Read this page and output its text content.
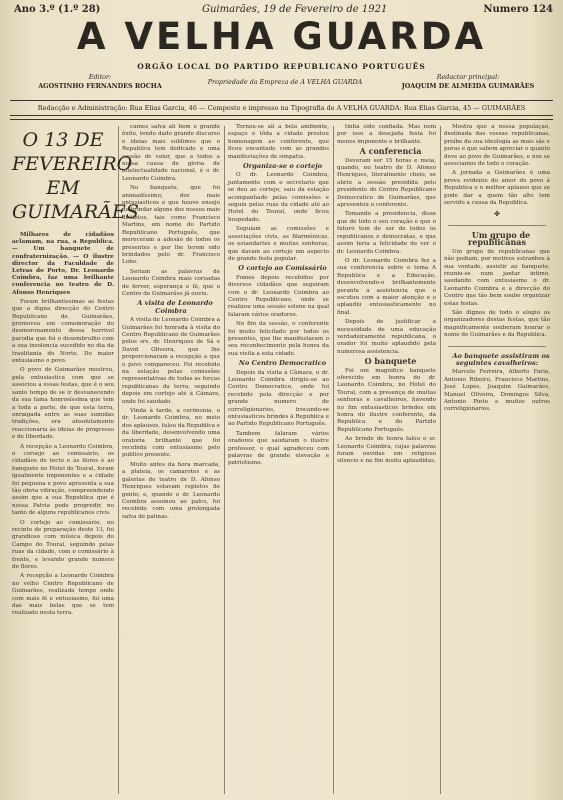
Ano 3.º (1.º 28)	Guimarães, 19 de Fevereiro de 1921	Numero 124
A VELHA GUARDA
ORGÃO LOCAL DO PARTIDO REPUBLICANO PORTUGUÊS
Editor:
AGOSTINHO FERNANDES ROCHA	Propriedade da Empreza de A VELHA GUARDA
Redactor principal:
JOAQUIM DE ALMEIDA GUIMARÃES
Redacção e Administração: Rua Elias Garcia, 46 — Composto e impresso na Tipografia de A VELHA GUARDA: Rua Elias Garcia, 45 — GUIMARÃES
O 13 DE FEVEREIRO
EM GUIMARÃES

Milhares de cidadãos aclamam, na rua, a Republica. — Um banquete de confraternização. — O ilustre director da Faculdade de Letras do Porto, Dr. Leonardo Coimbra, faz uma brilhante conferencia no teatro de D. Afonso Henriques

Foram brilhantissimas as festas que a digna direcção do Centro Republicano de Guimarães, promoveu em comemoração do desmoronamento dessa horrivel parodia que foi o desembrulho com a sua insolencia sucedido no dia da traulitania do Norte. Do maior entusiasmo o povo.

O povo de Guimarães mostrou, pela entusiastica com que se associou a essas festas, que é o seu santo tempo de se ir desvanecendo da sua fama honrosíssima que tem a toda a parte, de que esta terra, enraigada entre as suas sumidas tradições, era absolutamente reaccionaria às ideias de progresso e de liberdade.

A recepção a Leonardo Coimbra, o coroejo ao comissário, os cidadãos de tecto e às flores e ao banquete no Hotel do Toural, foram igualmente imponentes e a cidade foi pequena e povo apresenta a sua tão obvia vibração, compreendendo assim que a sua Republica que é nossa Patria pode progredir, no tanto de alguns republicanos civis.

O cortejo ao comissário, no recinto de preparação deste 13, foi grandioso com música depois do Campo do Toural, seguindo pelas ruas da cidade, com o comissário à frente, e levando grande numero de flores.

A recepção a Leonardo Coimbra no velho Centro Republicano de Guimarães, realizada tempo onde com mais fé e entusiasmo, foi uma das mais belas que se tem realizado nesta terra.

cumes salva ali bem e grande êxito, tendo dado grande discurso e ideias mais sublimes que o Republica tem dedicado e uma sessão de valor, que a todos a nossa causa de gloria de intelectualidade nacional, é o dr. Leonardo Coimbra.

No banquete, que foi animadíssimo, dos mais entusiasticos e que houve ensejo de brindar alguns dos nossos mais distintos, tais como Francisco Martins, em nome do Partido Republicano Português, que mereceram a adesão de todos os presentes e por lhe terem sido brindados pelo dr. Francisco Lobo.

Seriam as palavras de Leonardo Coimbra mais coroadas de fervor, esperança e fé, que o Centro de Guimarães já ouviu.

A visita de Leonardo Coimbra

A visita de Leonardo Coimbra a Guimarães foi honrada à visita do Centro Republicano de Guimarães pelos srs. dr. Henriques de Sá e David Oliveira, que lhe proporcionaram a recepção a que o povo compareceu. Foi recebido na estação pelas comissões representativas de todas as forças republicanas da terra, seguindo depois em cortejo até à Câmara, onde foi saudado.

Vinda à tarde, a cerimonia, o dr. Leonardo Coimbra, no meio dos aplausos, falou da Republica e da liberdade, desenvolvendo uma oratoria brilhante que foi recebida com entusiasmo pelo publico presente.

Muito antes da hora marcada, a plateia, os camarotes e as galerias do teatro de D. Afonso Henriques estavam repletos de gente; e, quando o dr. Leonardo Coimbra assomou ao palco, foi recebido com uma prolongada salva de palmas.

Tornou-se ali a bela ambiente, espaço e tôda a cidade prestou homenagem ao conferente, que ficou encantado com as grandes manifestações de simpatia.

Organiza-se o cortejo

O dr. Leonardo Coimbra, juntamente com o secretario que se deu ao cortejo, saiu da estação acompanhado pelas comissões e seguiu pelas ruas da cidade até ao Hotel do Toural, onde ficou hospedado.

Seguiam as comissões e associações civis, as filarmónicas, os estandartes e muitas senhoras, que davam ao cortejo um aspecto de grande festa popular.

O cortejo ao Comissário

Fomos depois recebidos por diversos cidadãos que seguiram com o dr. Leonardo Coimbra ao Centro Republicano, onde se realizou uma sessão solene na qual falaram vários oradores.

No fim da sessão, o conferente foi muito felicitado por todos os presentes, que lhe manifestaram o seu reconhecimento pela honra da sua visita a esta cidade.

No Centro Democratico

Depois da visita à Câmara, o dr. Leonardo Coimbra dirigiu-se ao Centro Democratico, onde foi recebido pela direcção e por grande numero de correligionarios, trocando-se entusiasticos brindes à Republica e ao Partido Republicano Português.

Tambem falaram vários oradores que saudaram o ilustre professor, o qual agradeceu com palavras de grande elevação e patriotismo.

tinha sido confiada. Mas nem por isso a desejada festa foi menos imponente e brilhante.

A conferencia

Deveram ser 15 horas e meia, quando, no teatro de D. Afonso Henriques, literalmente cheio, se abriu a sessão presidida pelo presidente do Centro Republicano Democratico de Guimarães, que apresentou o conferente.

Tomando a presidencia, disse que de todo o seu coração e que o futuro tem de ser de todos os republicanos e democratas, e que assim teria a felicidade de ver o dr. Leonardo Coimbra.

O dr. Leonardo Coimbra fez a sua conferencia sobre o tema A Republica e a Educação, desenvolvendo-o brilhantemente perante a assistencia que o escutou com a maior atenção e o aplaudiu entusiasticamente no final.

Depois de justificar a necessidade de uma educação verdadeiramente republicana, o orador foi muito aplaudido pela numerosa assistencia.

O banquete

Foi um magnifico banquete oferecido em honra do dr. Leonardo Coimbra, no Hotel do Toural, com a presença de muitas senhoras e cavalheiros, havendo no fim entusiasticos brindes em honra do ilustre conferente, da Republica e do Partido Republicano Português.

Ao brinde de honra falou o sr. Leonardo Coimbra, cujas palavras foram ouvidas em religioso silencio e no fim muito aplaudidas.

Mostra que a nossa populaçao, destinada das vossas republicanas, proíbe da sua ideologia as mais sãs e puras e que sabem apreciar o quanto deve ao povo de Guimarães, e nos se associamos de todo o coração.

A jornada a Guimarães é uma prova evidente do amor do povo à Republica e o melhor aplauso que se pode dar a quem tão alto tem servido a causa da Republica.

✤

Um grupo de republicanas

Um grupo de republicanas que não podiam, por motivos estranhos à sua vontade, assistir ao banquete, reuniu-se num jantar íntimo, saudando com entusiasmo o dr. Leonardo Coimbra e a direcção do Centro que tão bem soube organizar estas festas.

São dignos de todo o elogio os organizadores destas festas, que tão magnificamente souberam honrar o nome de Guimarães e da Republica.

Ao banquete assistiram os seguintes cavalheiros:

Marcelo Ferreira, Alberto Faria, Antonio Ribeiro, Francisco Martins, José Lopes, Joaquim Guimarães, Manuel Oliveira, Domingos Silva, Antonio Pinto e muitos outros correligionarios.
